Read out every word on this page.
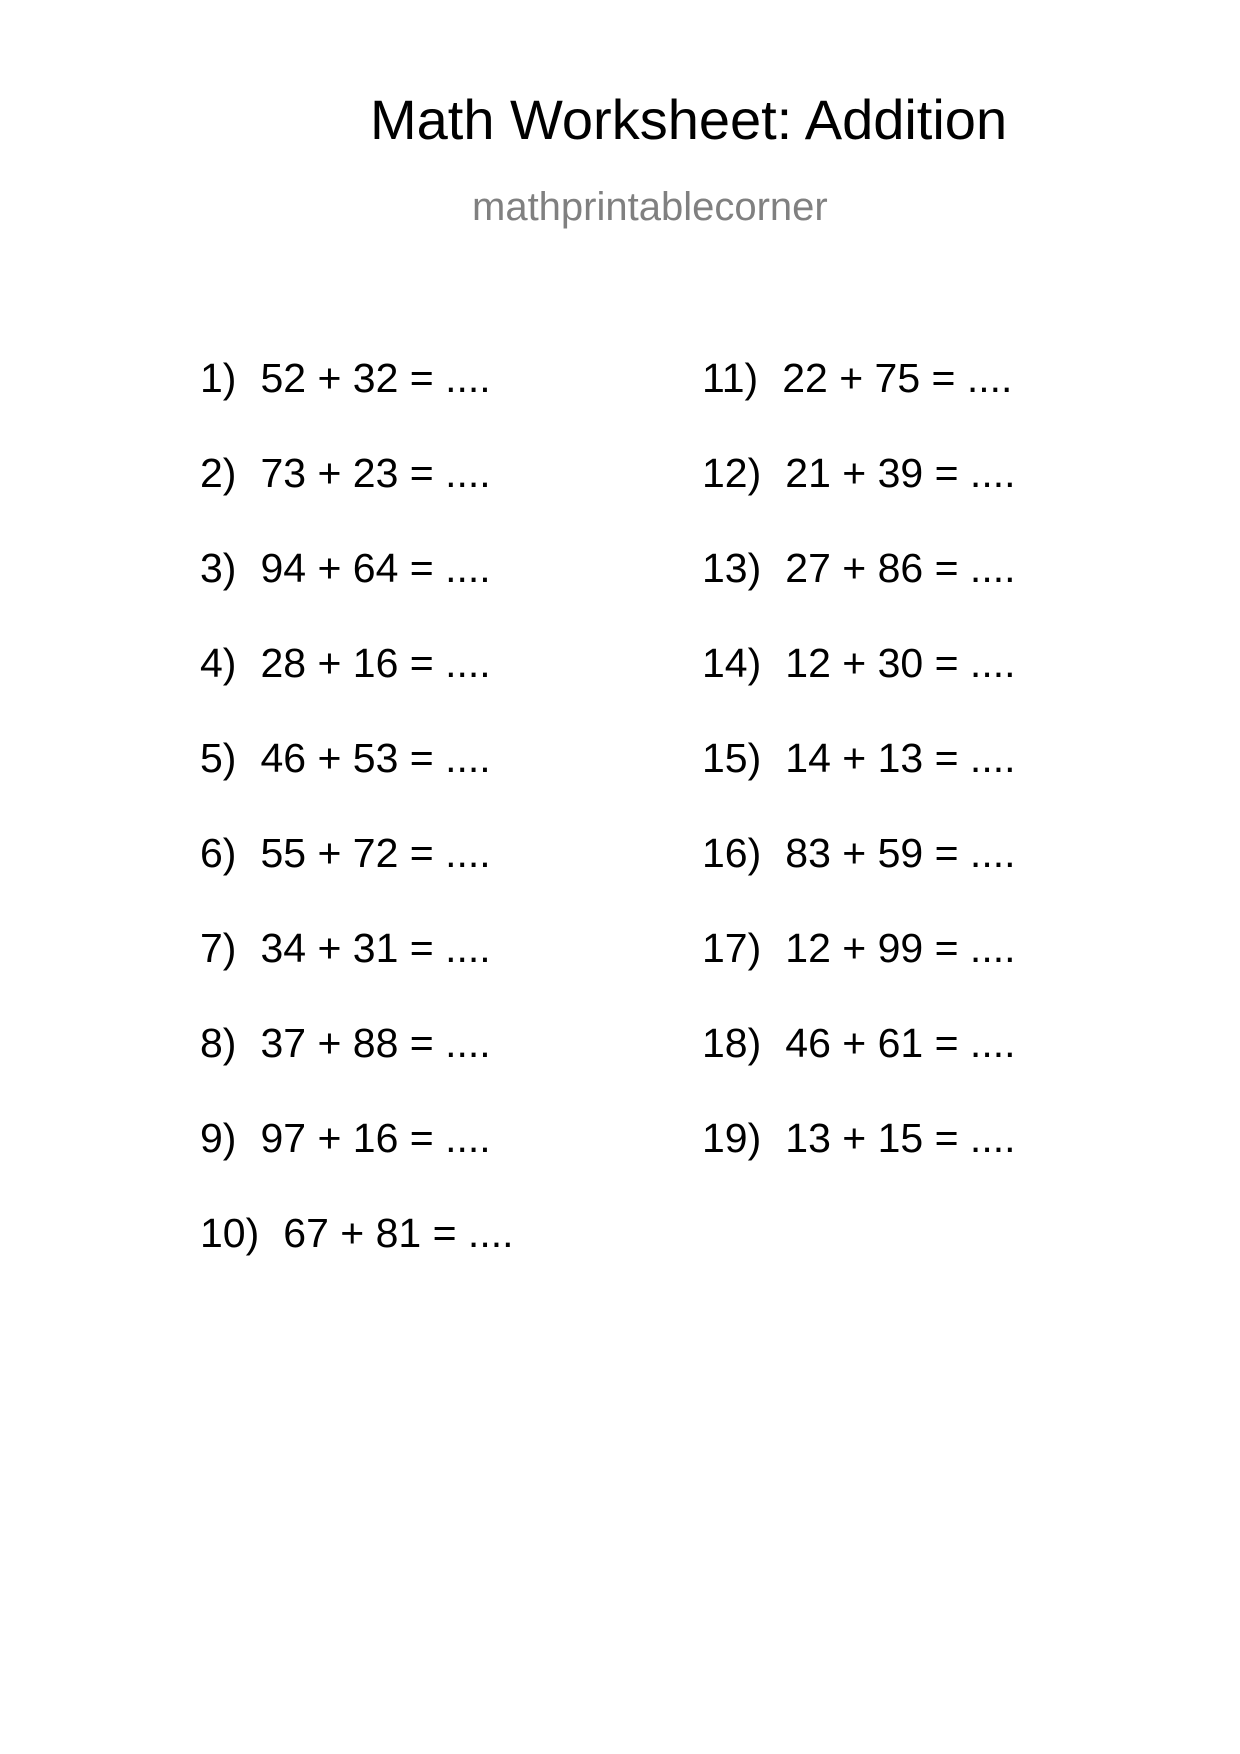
Math Worksheet: Addition
mathprintablecorner
1) 52 + 32 = ....
2) 73 + 23 = ....
3) 94 + 64 = ....
4) 28 + 16 = ....
5) 46 + 53 = ....
6) 55 + 72 = ....
7) 34 + 31 = ....
8) 37 + 88 = ....
9) 97 + 16 = ....
10) 67 + 81 = ....
11) 22 + 75 = ....
12) 21 + 39 = ....
13) 27 + 86 = ....
14) 12 + 30 = ....
15) 14 + 13 = ....
16) 83 + 59 = ....
17) 12 + 99 = ....
18) 46 + 61 = ....
19) 13 + 15 = ....
